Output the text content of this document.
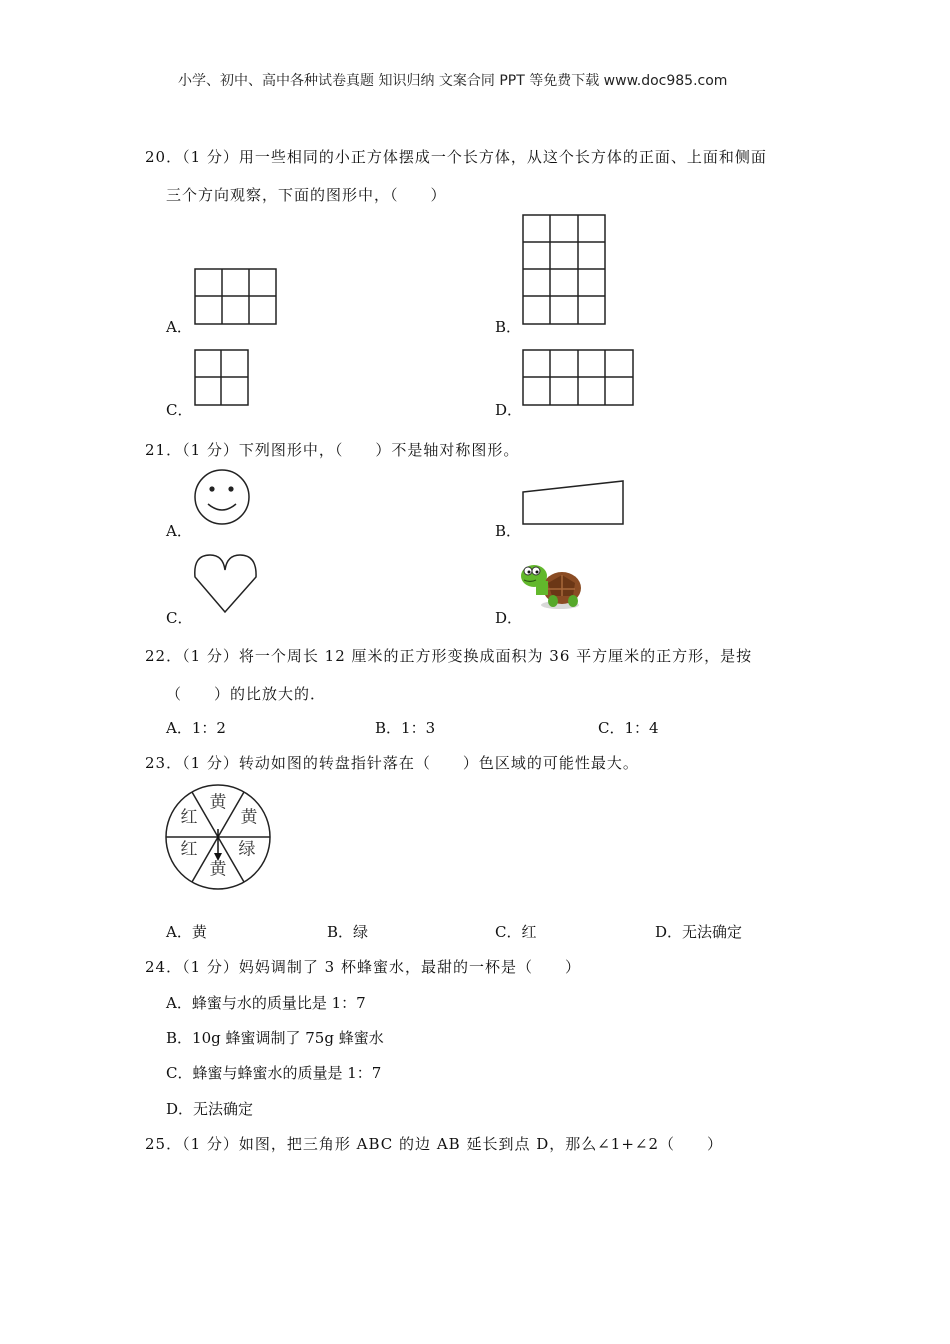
小学、初中、高中各种试卷真题 知识归纳 文案合同 PPT 等免费下载 www.doc985.com
20．（1 分）用一些相同的小正方体摆成一个长方体，从这个长方体的正面、上面和侧面
三个方向观察，下面的图形中，（　　）
A．	B．
C．	D．
21．（1 分）下列图形中，（　　）不是轴对称图形。
A．	B．
C．	D．
22．（1 分）将一个周长 12 厘米的正方形变换成面积为 36 平方厘米的正方形，是按
（　　）的比放大的．
A．1：2	B．1：3	C．1：4
23．（1 分）转动如图的转盘指针落在（　　）色区域的可能性最大。
黄
红	黄
红 绿
黄
A．黄	B．绿	C．红	D．无法确定
24．（1 分）妈妈调制了 3 杯蜂蜜水，最甜的一杯是（　　）
A．蜂蜜与水的质量比是 1：7
B．10g 蜂蜜调制了 75g 蜂蜜水
C．蜂蜜与蜂蜜水的质量是 1：7
D．无法确定
25．（1 分）如图，把三角形 ABC 的边 AB 延长到点 D，那么∠1+∠2（　　）
